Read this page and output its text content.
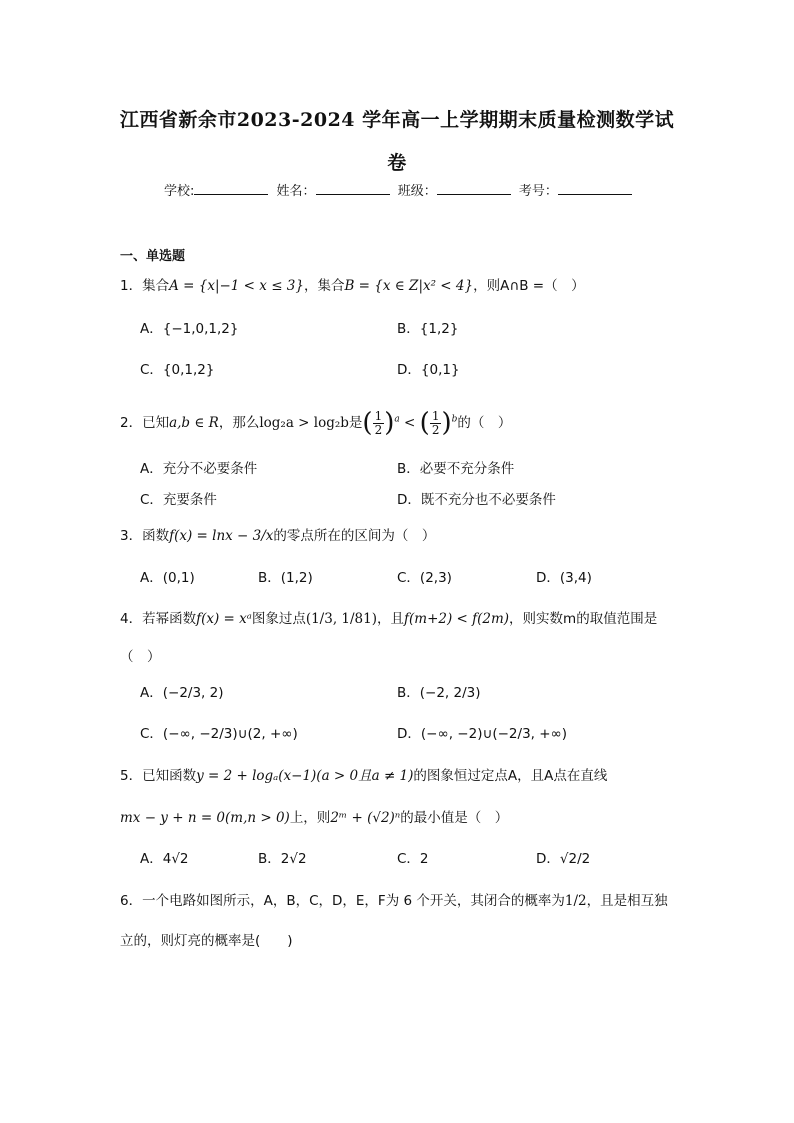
江西省新余市2023-2024 学年高一上学期期末质量检测数学试
卷
学校:	姓名：	班级：	考号：
一、单选题
1．集合A = {x|−1 < x ≤ 3}，集合B = {x ∈ Z|x² < 4}，则A∩B =（　）
A．{−1,0,1,2}	B．{1,2}
C．{0,1,2}	D．{0,1}
2．已知a,b ∈ R，那么log₂a > log₂b是( $\frac{1}{2} )^a$ < ( $\frac{1}{2} )^b$的（　）
A．充分不必要条件	B．必要不充分条件
C．充要条件	D．既不充分也不必要条件
3．函数f(x) = lnx − 3/x的零点所在的区间为（　）
A．(0,1)	B．(1,2)	C．(2,3)	D．(3,4)
4．若幂函数f(x) = xᵃ图象过点(1/3, 1/81)，且f(m+2) < f(2m)，则实数m的取值范围是
（　）
A．(−2/3, 2)	B．(−2, 2/3)
C．(−∞, −2/3)∪(2, +∞)	D．(−∞, −2)∪(−2/3, +∞)
5．已知函数y = 2 + logₐ(x−1)(a > 0且a ≠ 1)的图象恒过定点A，且A点在直线
mx − y + n = 0(m,n > 0)上，则2ᵐ + (√2)ⁿ的最小值是（　）
A．4√2	B．2√2	C．2	D．√2/2
6．一个电路如图所示，A，B，C，D，E，F为 6 个开关，其闭合的概率为1/2，且是相互独
立的，则灯亮的概率是(　　)
